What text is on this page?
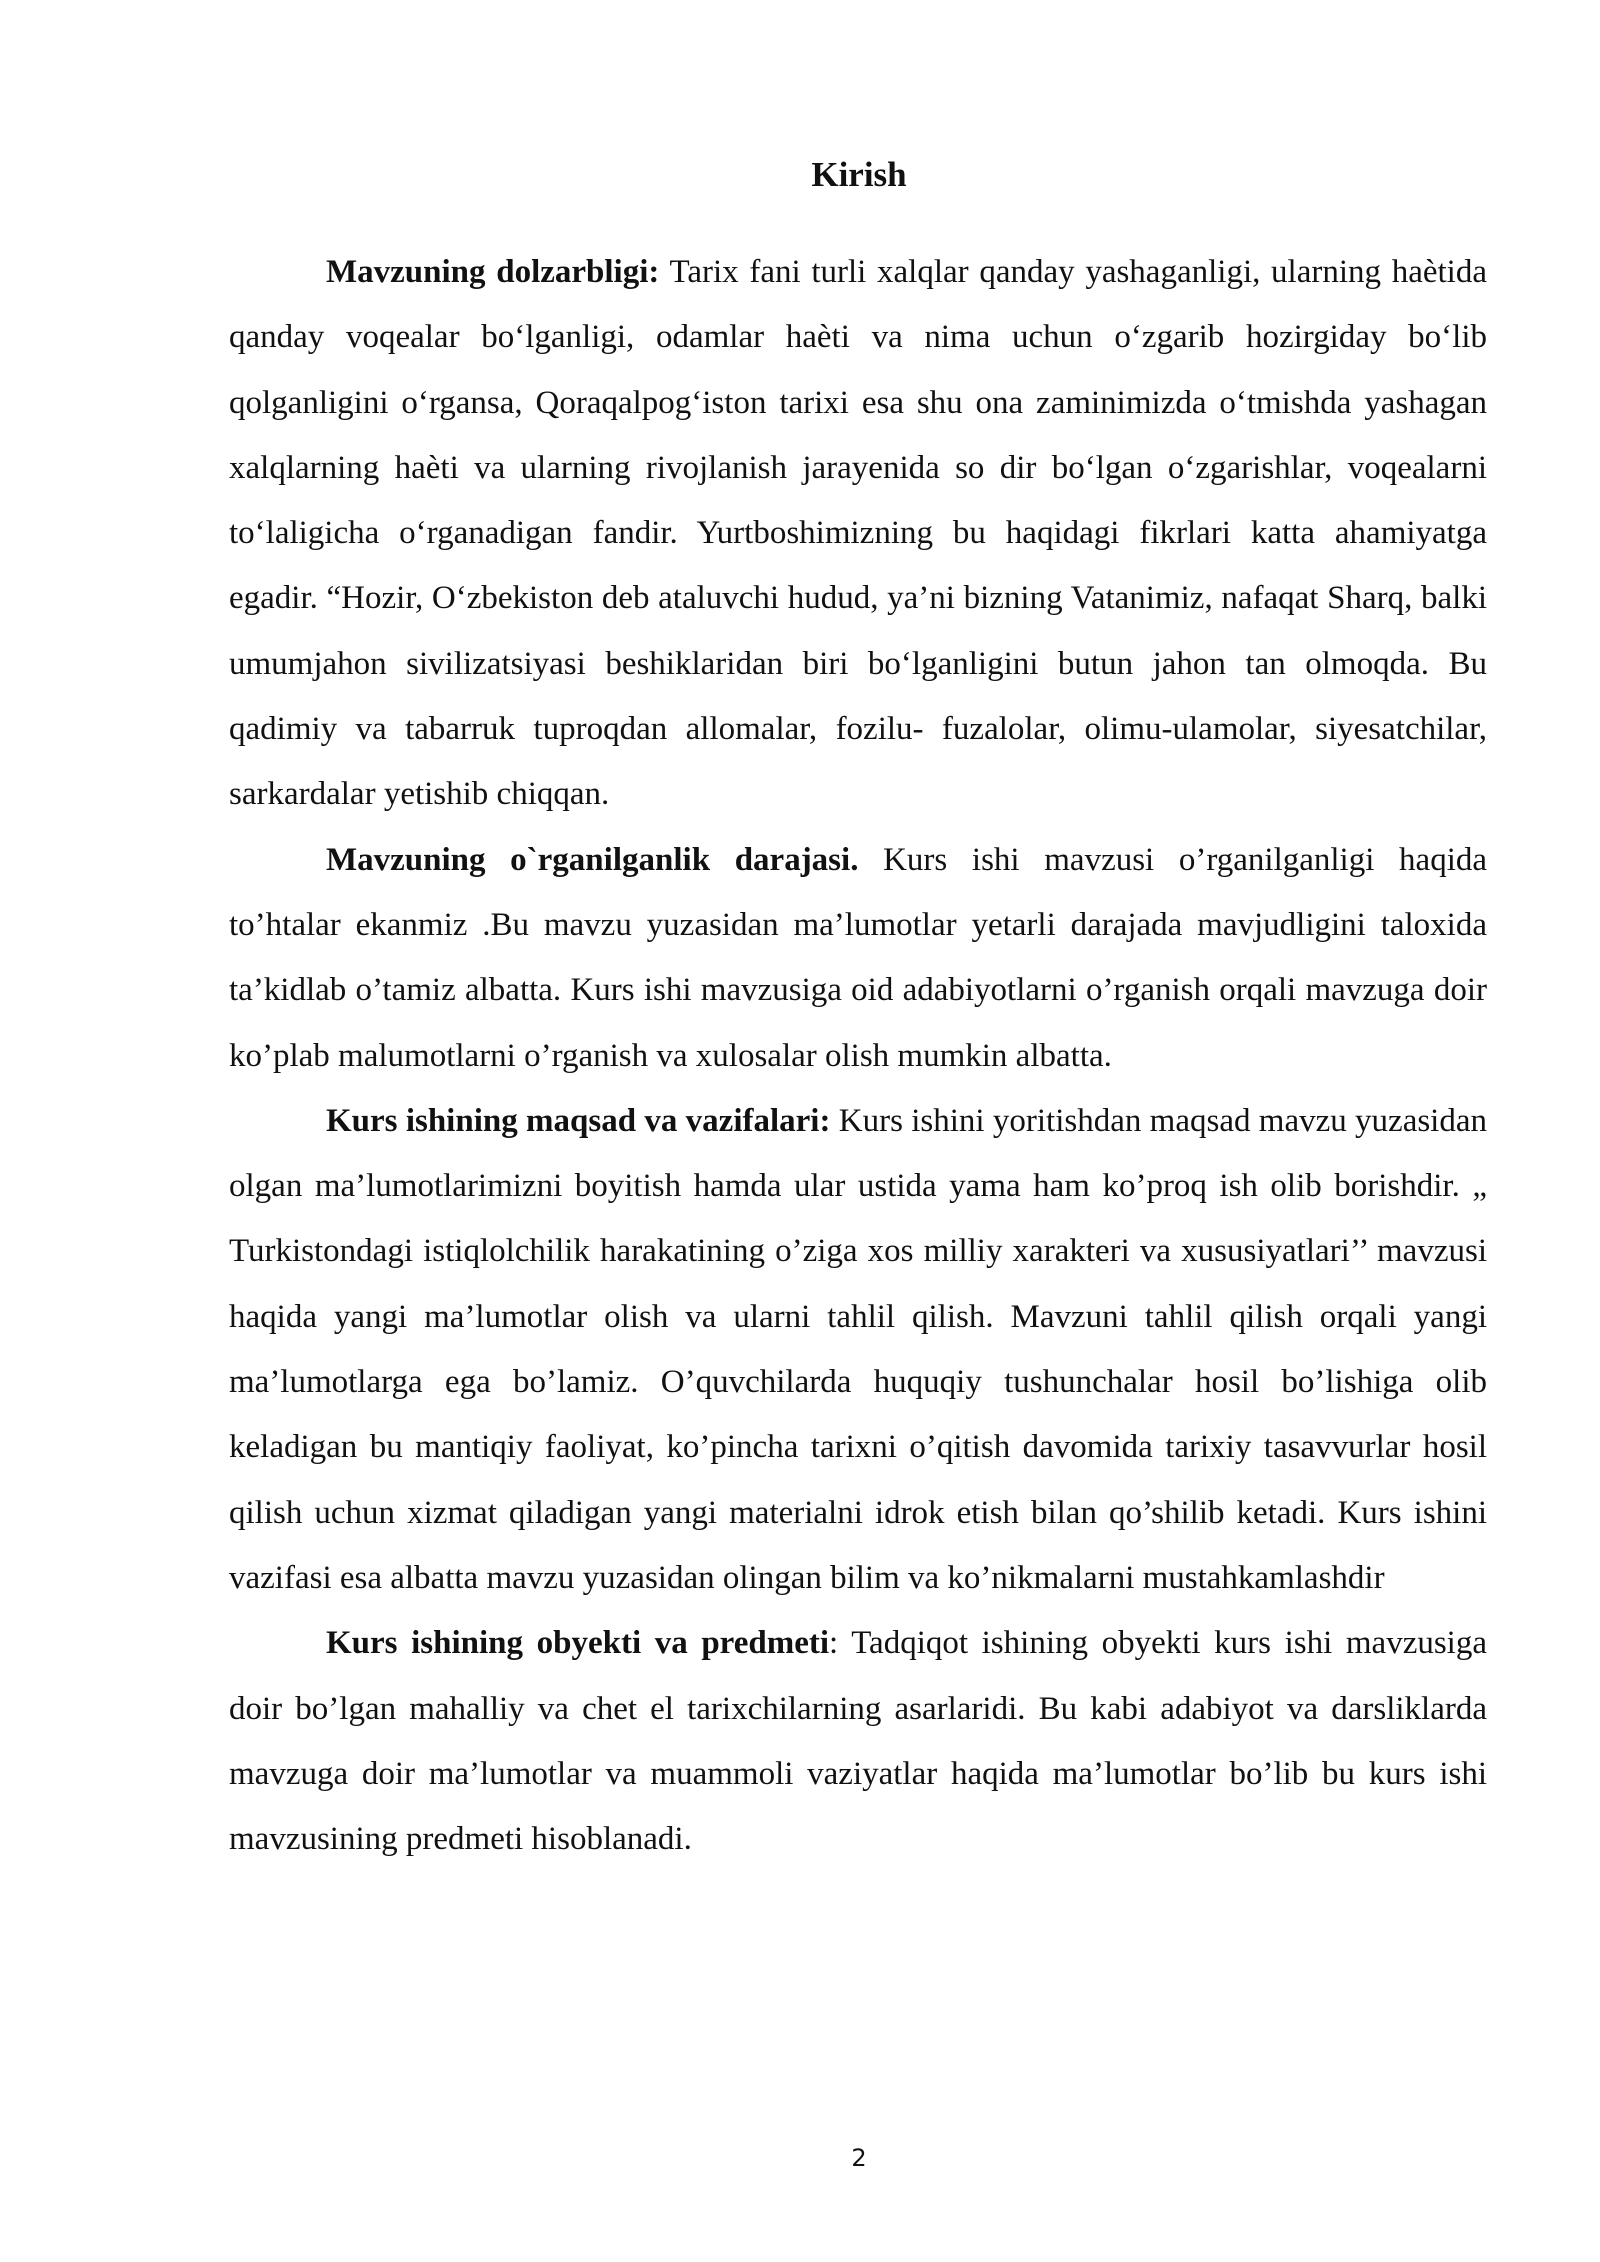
Kirish

Mavzuning dolzarbligi: Tarix fani turli xalqlar qanday yashaganligi, ularning haètida qanday voqealar bo‘lganligi, odamlar haèti va nima uchun o‘zgarib hozirgiday bo‘lib qolganligini o‘rgansa, Qoraqalpog‘iston tarixi esa shu ona zaminimizda o‘tmishda yashagan xalqlarning haèti va ularning rivojlanish jarayenida so dir bo‘lgan o‘zgarishlar, voqealarni to‘laligicha o‘rganadigan fandir. Yurtboshimizning bu haqidagi fikrlari katta ahamiyatga egadir. “Hozir, O‘zbekiston deb ataluvchi hudud, ya’ni bizning Vatanimiz, nafaqat Sharq, balki umumjahon sivilizatsiyasi beshiklaridan biri bo‘lganligini butun jahon tan olmoqda. Bu qadimiy va tabarruk tuproqdan allomalar, fozilu- fuzalolar, olimu-ulamolar, siyesatchilar, sarkardalar yetishib chiqqan.

Mavzuning o`rganilganlik darajasi. Kurs ishi mavzusi o’rganilganligi haqida to’htalar ekanmiz .Bu mavzu yuzasidan ma’lumotlar yetarli darajada mavjudligini taloxida ta’kidlab o’tamiz albatta. Kurs ishi mavzusiga oid adabiyotlarni o’rganish orqali mavzuga doir ko’plab malumotlarni o’rganish va xulosalar olish mumkin albatta.

Kurs ishining maqsad va vazifalari: Kurs ishini yoritishdan maqsad mavzu yuzasidan olgan ma’lumotlarimizni boyitish hamda ular ustida yama ham ko’proq ish olib borishdir. „ Turkistondagi istiqlolchilik harakatining o’ziga xos milliy xarakteri va xususiyatlari’’ mavzusi haqida yangi ma’lumotlar olish va ularni tahlil qilish. Mavzuni tahlil qilish orqali yangi ma’lumotlarga ega bo’lamiz. O’quvchilarda huquqiy tushunchalar hosil bo’lishiga olib keladigan bu mantiqiy faoliyat, ko’pincha tarixni o’qitish davomida tarixiy tasavvurlar hosil qilish uchun xizmat qiladigan yangi materialni idrok etish bilan qo’shilib ketadi. Kurs ishini vazifasi esa albatta mavzu yuzasidan olingan bilim va ko’nikmalarni mustahkamlashdir

Kurs ishining obyekti va predmeti: Tadqiqot ishining obyekti kurs ishi mavzusiga doir bo’lgan mahalliy va chet el tarixchilarning asarlaridi. Bu kabi adabiyot va darsliklarda mavzuga doir ma’lumotlar va muammoli vaziyatlar haqida ma’lumotlar bo’lib bu kurs ishi mavzusining predmeti hisoblanadi.

2
